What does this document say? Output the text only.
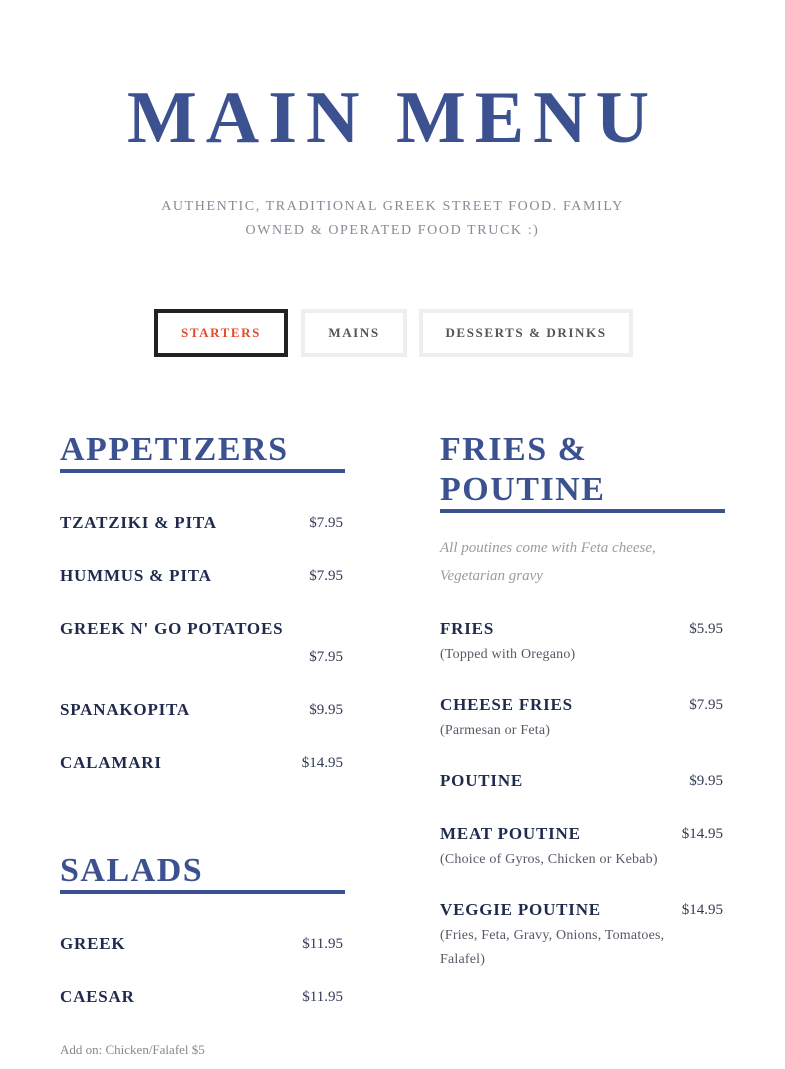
MAIN MENU
AUTHENTIC, TRADITIONAL GREEK STREET FOOD. FAMILY
OWNED & OPERATED FOOD TRUCK :)
STARTERS	MAINS	DESSERTS & DRINKS
APPETIZERS
TZATZIKI & PITA	$7.95
HUMMUS & PITA	$7.95
GREEK N' GO POTATOES
$7.95
SPANAKOPITA	$9.95
CALAMARI	$14.95
SALADS
GREEK	$11.95
CAESAR	$11.95
Add on: Chicken/Falafel $5
FRIES &
POUTINE
All poutines come with Feta cheese,
Vegetarian gravy
FRIES	$5.95
(Topped with Oregano)
CHEESE FRIES	$7.95
(Parmesan or Feta)
POUTINE	$9.95
MEAT POUTINE	$14.95
(Choice of Gyros, Chicken or Kebab)
VEGGIE POUTINE	$14.95
(Fries, Feta, Gravy, Onions, Tomatoes,
Falafel)
